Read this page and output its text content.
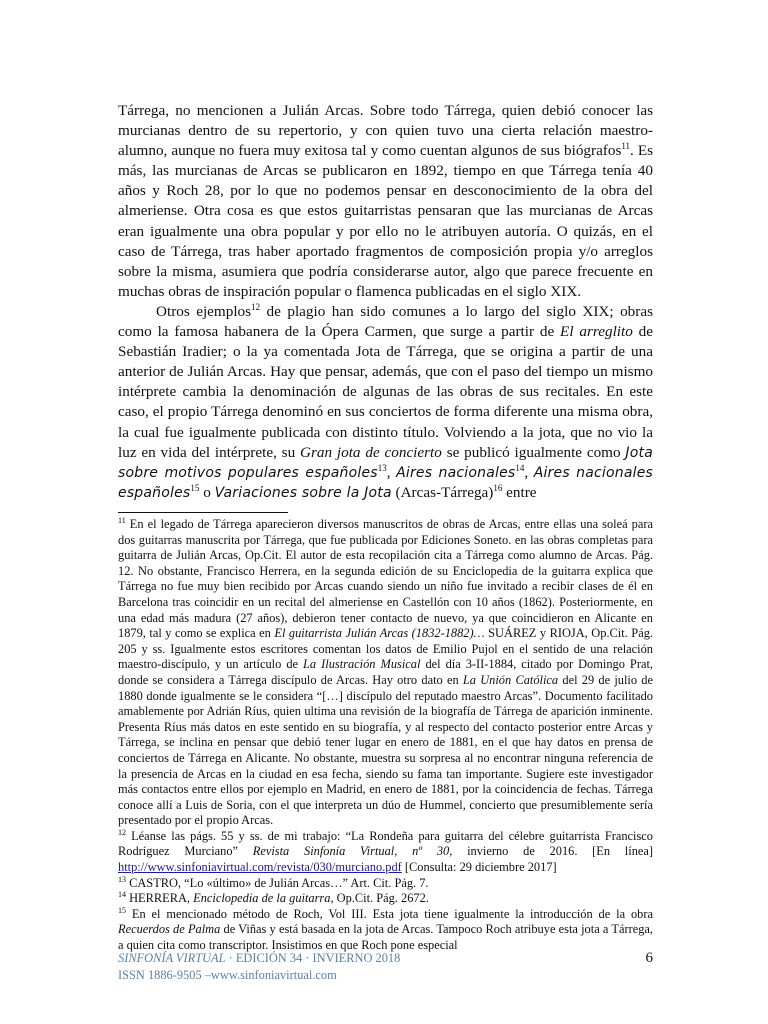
Tárrega, no mencionen a Julián Arcas. Sobre todo Tárrega, quien debió conocer las murcianas dentro de su repertorio, y con quien tuvo una cierta relación maestro-alumno, aunque no fuera muy exitosa tal y como cuentan algunos de sus biógrafos$^{11}$. Es más, las murcianas de Arcas se publicaron en 1892, tiempo en que Tárrega tenía 40 años y Roch 28, por lo que no podemos pensar en desconocimiento de la obra del almeriense. Otra cosa es que estos guitarristas pensaran que las murcianas de Arcas eran igualmente una obra popular y por ello no le atribuyen autoría. O quizás, en el caso de Tárrega, tras haber aportado fragmentos de composición propia y/o arreglos sobre la misma, asumiera que podría considerarse autor, algo que parece frecuente en muchas obras de inspiración popular o flamenca publicadas en el siglo XIX.

Otros ejemplos$^{12}$ de plagio han sido comunes a lo largo del siglo XIX; obras como la famosa habanera de la Ópera Carmen, que surge a partir de El arreglito de Sebastián Iradier; o la ya comentada Jota de Tárrega, que se origina a partir de una anterior de Julián Arcas. Hay que pensar, además, que con el paso del tiempo un mismo intérprete cambia la denominación de algunas de las obras de sus recitales. En este caso, el propio Tárrega denominó en sus conciertos de forma diferente una misma obra, la cual fue igualmente publicada con distinto título. Volviendo a la jota, que no vio la luz en vida del intérprete, su Gran jota de concierto se publicó igualmente como Jota sobre motivos populares españoles$^{13}$, Aires nacionales$^{14}$, Aires nacionales españoles$^{15}$ o Variaciones sobre la Jota (Arcas-Tárrega)$^{16}$ entre

$^{11}$ En el legado de Tárrega aparecieron diversos manuscritos de obras de Arcas, entre ellas una soleá para dos guitarras manuscrita por Tárrega, que fue publicada por Ediciones Soneto. en las obras completas para guitarra de Julián Arcas, Op.Cit. El autor de esta recopilación cita a Tárrega como alumno de Arcas. Pág. 12. No obstante, Francisco Herrera, en la segunda edición de su Enciclopedia de la guitarra explica que Tárrega no fue muy bien recibido por Arcas cuando siendo un niño fue invitado a recibir clases de él en Barcelona tras coincidir en un recital del almeriense en Castellón con 10 años (1862). Posteriormente, en una edad más madura (27 años), debieron tener contacto de nuevo, ya que coincidieron en Alicante en 1879, tal y como se explica en El guitarrista Julián Arcas (1832-1882)… SUÁREZ y RIOJA, Op.Cit. Pág. 205 y ss. Igualmente estos escritores comentan los datos de Emilio Pujol en el sentido de una relación maestro-discípulo, y un artículo de La Ilustración Musical del día 3-II-1884, citado por Domingo Prat, donde se considera a Tárrega discípulo de Arcas. Hay otro dato en La Unión Católica del 29 de julio de 1880 donde igualmente se le considera “[…] discípulo del reputado maestro Arcas”. Documento facilitado amablemente por Adrián Ríus, quien ultima una revisión de la biografía de Tárrega de aparición inminente. Presenta Ríus más datos en este sentido en su biografía, y al respecto del contacto posterior entre Arcas y Tárrega, se inclina en pensar que debió tener lugar en enero de 1881, en el que hay datos en prensa de conciertos de Tárrega en Alicante. No obstante, muestra su sorpresa al no encontrar ninguna referencia de la presencia de Arcas en la ciudad en esa fecha, siendo su fama tan importante. Sugiere este investigador más contactos entre ellos por ejemplo en Madrid, en enero de 1881, por la coincidencia de fechas. Tárrega conoce allí a Luis de Soria, con el que interpreta un dúo de Hummel, concierto que presumiblemente sería presentado por el propio Arcas.

$^{12}$ Léanse las págs. 55 y ss. de mi trabajo: “La Rondeña para guitarra del célebre guitarrista Francisco Rodríguez Murciano” Revista Sinfonía Virtual, nº 30, invierno de 2016. [En línea] http://www.sinfoniavirtual.com/revista/030/murciano.pdf [Consulta: 29 diciembre 2017]

$^{13}$ CASTRO, “Lo «último» de Julián Arcas…” Art. Cit. Pág. 7.

$^{14}$ HERRERA, Enciclopedia de la guitarra, Op.Cit. Pág. 2672.

$^{15}$ En el mencionado método de Roch, Vol III. Esta jota tiene igualmente la introducción de la obra Recuerdos de Palma de Viñas y está basada en la jota de Arcas. Tampoco Roch atribuye esta jota a Tárrega, a quien cita como transcriptor. Insistimos en que Roch pone especial

SINFONÍA VIRTUAL · EDICIÓN 34 · INVIERNO 2018
ISSN 1886-9505 –www.sinfoniavirtual.com
6
